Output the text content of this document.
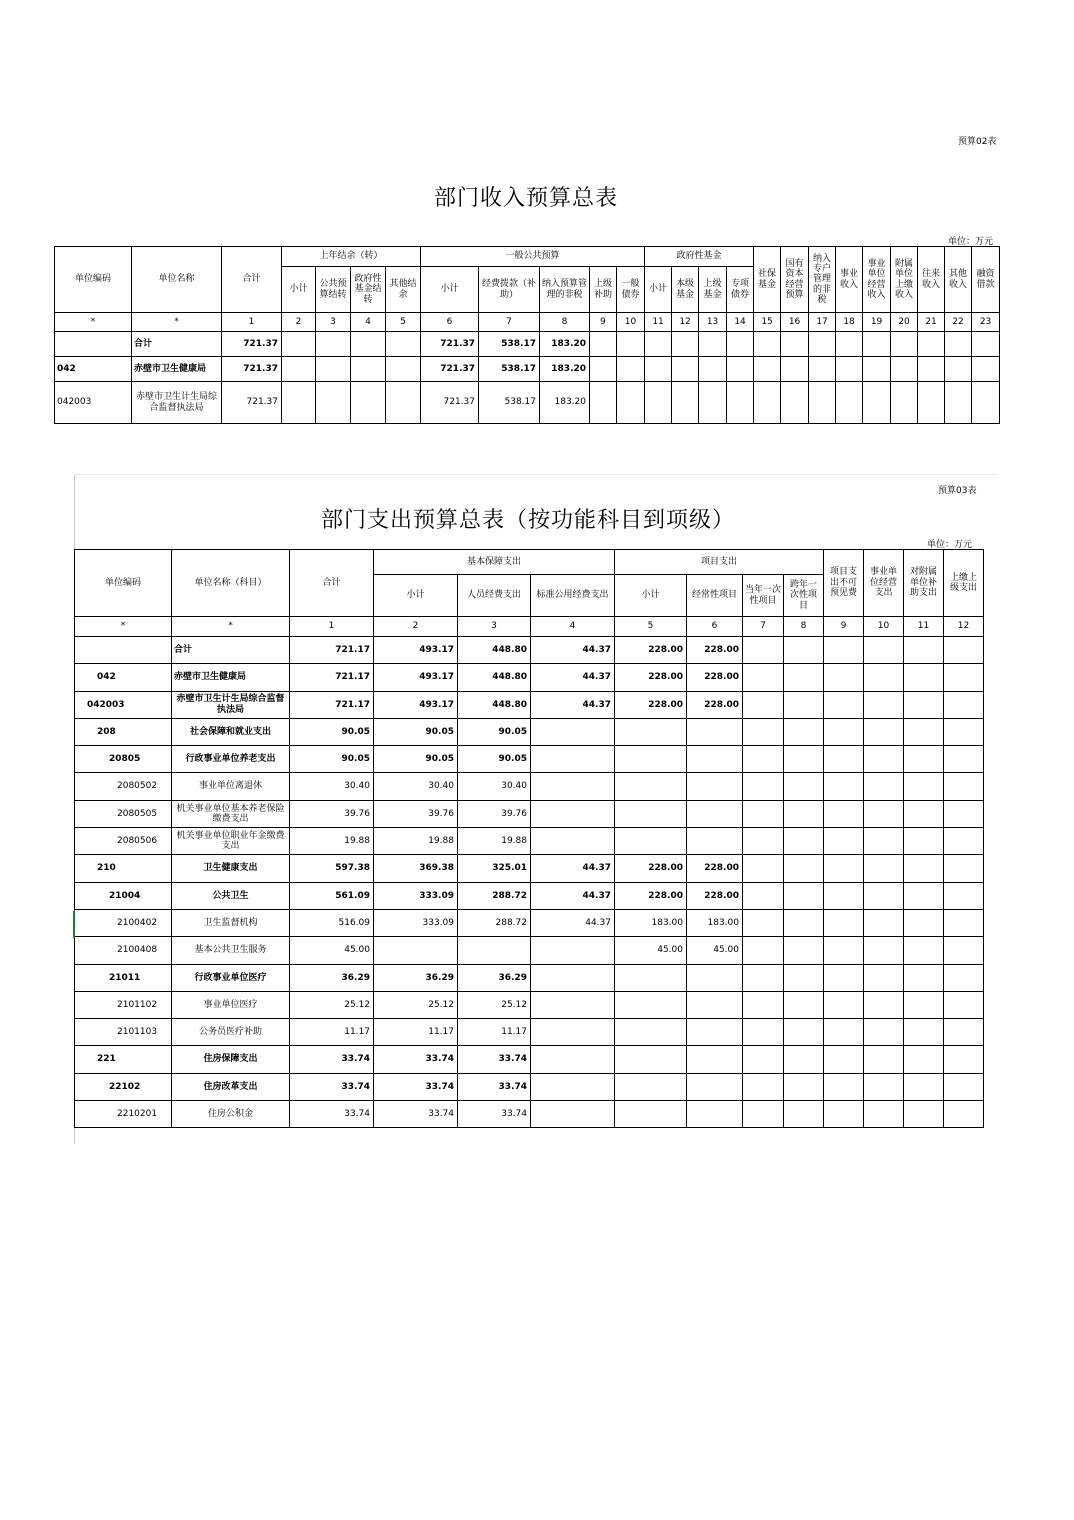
预算02表
部门收入预算总表
单位：万元
单位编码	单位名称	合计	上年结余（转）				一般公共预算					政府性基金				社保基金	国有资本经营预算	纳入专户管理的非税	事业收入	事业单位经营收入	附属单位上缴收入	往来收入	其他收入	融资借款
			小计	公共预算结转	政府性基金结转	其他结余	小计	经费拨款（补助）	纳入预算管理的非税	上级补助	一般债券	小计	本级基金	上级基金	专项债券									
*	*	1	2	3	4	5	6	7	8	9	10	11	12	13	14	15	16	17	18	19	20	21	22	23
	合计	721.37					721.37	538.17	183.20															
042	赤壁市卫生健康局	721.37					721.37	538.17	183.20															
042003	赤壁市卫生计生局综合监督执法局	721.37					721.37	538.17	183.20															
预算03表
部门支出预算总表（按功能科目到项级）
单位：万元
单位编码	单位名称（科目）	合计	基本保障支出			项目支出				项目支出不可预见费	事业单位经营支出	对附属单位补助支出	上缴上级支出
			小计	人员经费支出	标准公用经费支出	小计	经常性项目	当年一次性项目	跨年一次性项目				
*	*	1	2	3	4	5	6	7	8	9	10	11	12
	合计	721.17	493.17	448.80	44.37	228.00	228.00						
042	赤壁市卫生健康局	721.17	493.17	448.80	44.37	228.00	228.00						
042003	赤壁市卫生计生局综合监督执法局	721.17	493.17	448.80	44.37	228.00	228.00						
208	社会保障和就业支出	90.05	90.05	90.05									
20805	行政事业单位养老支出	90.05	90.05	90.05									
2080502	事业单位离退休	30.40	30.40	30.40									
2080505	机关事业单位基本养老保险缴费支出	39.76	39.76	39.76									
2080506	机关事业单位职业年金缴费支出	19.88	19.88	19.88									
210	卫生健康支出	597.38	369.38	325.01	44.37	228.00	228.00						
21004	公共卫生	561.09	333.09	288.72	44.37	228.00	228.00						
2100402	卫生监督机构	516.09	333.09	288.72	44.37	183.00	183.00						
2100408	基本公共卫生服务	45.00				45.00	45.00						
21011	行政事业单位医疗	36.29	36.29	36.29									
2101102	事业单位医疗	25.12	25.12	25.12									
2101103	公务员医疗补助	11.17	11.17	11.17									
221	住房保障支出	33.74	33.74	33.74									
22102	住房改革支出	33.74	33.74	33.74									
2210201	住房公积金	33.74	33.74	33.74									
